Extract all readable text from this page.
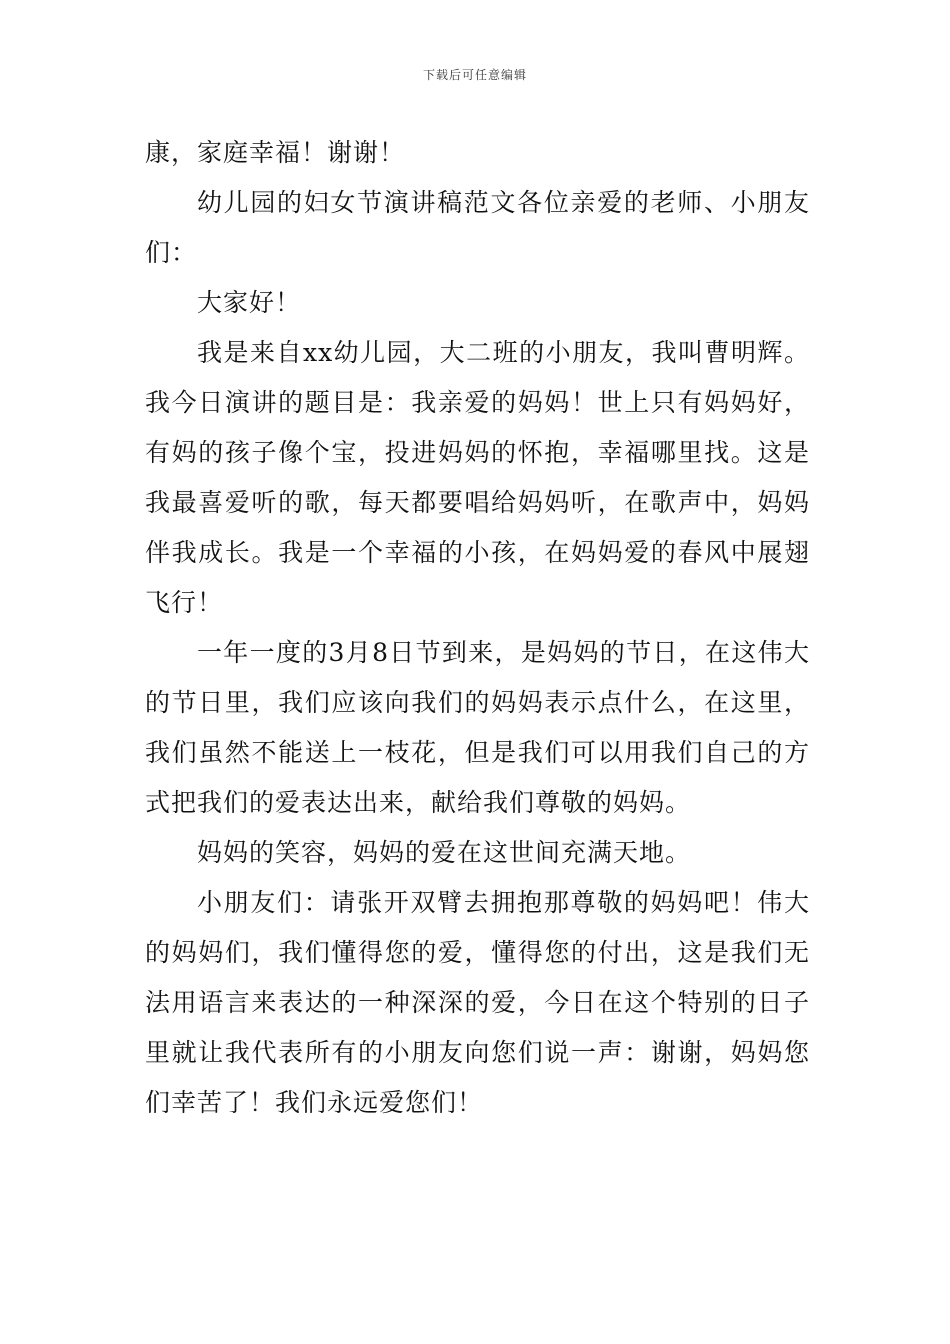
下载后可任意编辑

康，家庭幸福！谢谢！

幼儿园的妇女节演讲稿范文各位亲爱的老师、小朋友们：

大家好！

我是来自xx幼儿园，大二班的小朋友，我叫曹明辉。我今日演讲的题目是：我亲爱的妈妈！世上只有妈妈好，有妈的孩子像个宝，投进妈妈的怀抱，幸福哪里找。这是我最喜爱听的歌，每天都要唱给妈妈听，在歌声中，妈妈伴我成长。我是一个幸福的小孩，在妈妈爱的春风中展翅飞行！

一年一度的3月8日节到来，是妈妈的节日，在这伟大的节日里，我们应该向我们的妈妈表示点什么，在这里，我们虽然不能送上一枝花，但是我们可以用我们自己的方式把我们的爱表达出来，献给我们尊敬的妈妈。

妈妈的笑容，妈妈的爱在这世间充满天地。

小朋友们：请张开双臂去拥抱那尊敬的妈妈吧！伟大的妈妈们，我们懂得您的爱，懂得您的付出，这是我们无法用语言来表达的一种深深的爱，今日在这个特别的日子里就让我代表所有的小朋友向您们说一声：谢谢，妈妈您们幸苦了！我们永远爱您们！
